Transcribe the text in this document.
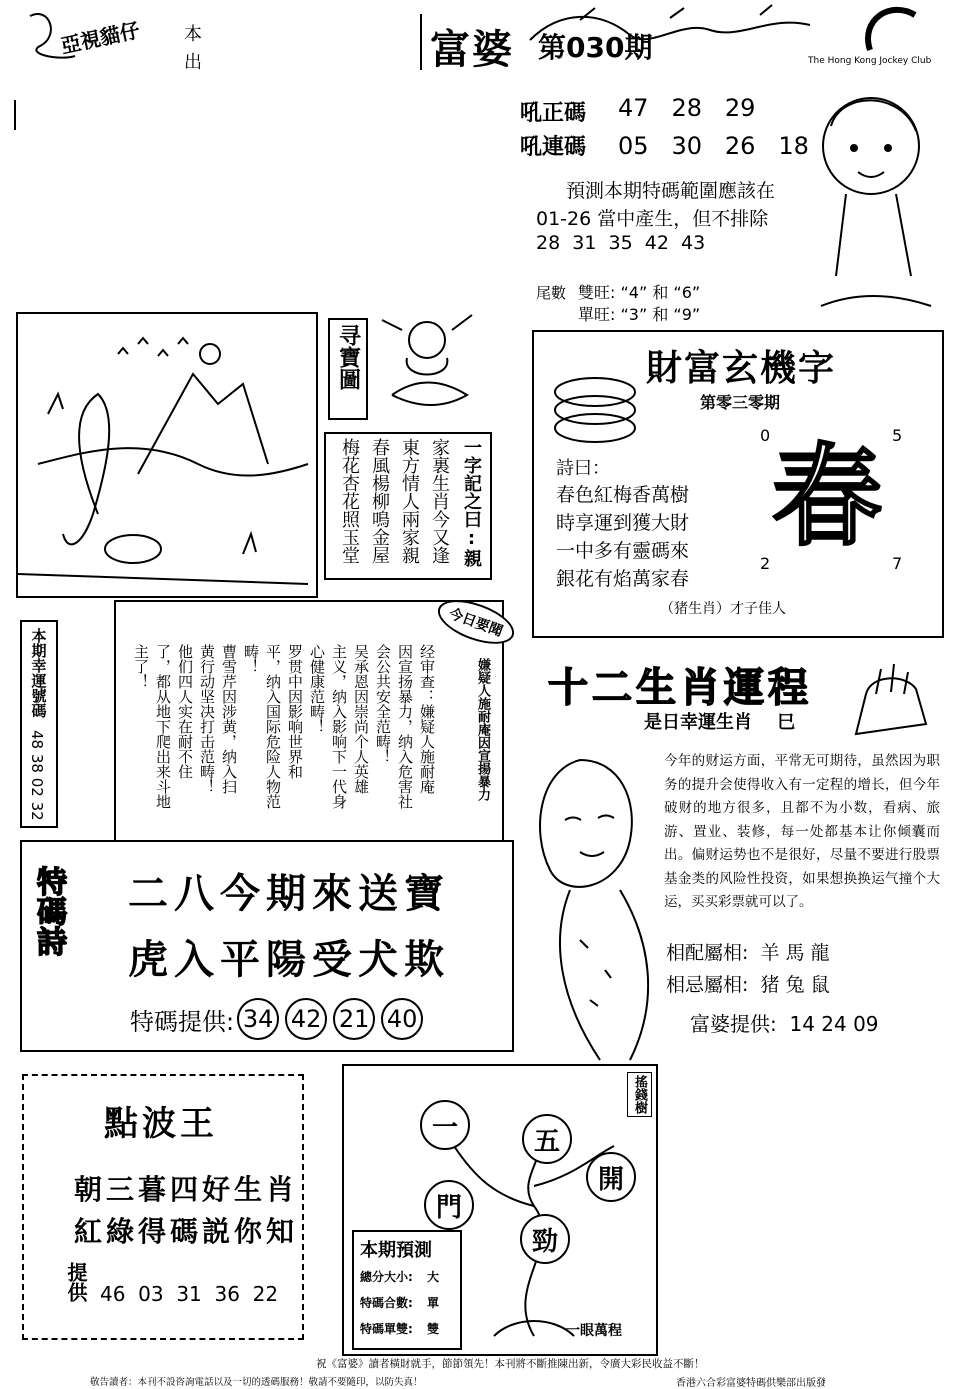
亞視貓仔 本
出	富婆 第030期	The Hong Kong Jockey Club
吼正碼 47 28 29
吼連碼 05 30 26 18
預測本期特碼範圍應該在
01-26 當中產生，但不排除
28  31  35  42  43
尾數 雙旺: “4” 和 “6”
單旺: “3” 和 “9”
寻寶圖
一字記之曰:親
家裏生肖今又逢
東方情人兩家親
春風楊柳鳴金屋
梅花杏花照玉堂
財富玄機字
第零三零期
詩曰：
春色紅梅香萬樹
時享運到獲大財
一中多有靈碼來
銀花有焰萬家春
0	5
春
2	7
（猪生肖）才子佳人
本期幸運號碼
48 38 02 32	经审查：嫌疑人施耐庵
因宣扬暴力，纳入危害社
会公共安全范畴！
吴承恩因崇尚个人英雄
主义，纳入影响下一代身
心健康范畴！
罗贯中因影响世界和
平，纳入国际危险人物范
畴！
曹雪芹因涉黄，纳入扫
黄行动坚决打击范畴！
他们四人实在耐不住
了，都从地下爬出来斗地
主了！	嫌疑人施耐庵因宣揚暴力
今日要聞
十二生肖運程
是日幸運生肖 巳
今年的财运方面，平常无可期待，虽然因为职务的提升会使得收入有一定程的增长，但今年破财的地方很多，且都不为小数，看病、旅游、置业、装修，每一处都基本让你倾囊而出。偏财运势也不是很好，尽量不要进行股票基金类的风险性投资，如果想换换运气撞个大运，买买彩票就可以了。
相配屬相: 羊 馬 龍
相忌屬相: 猪 兔 鼠
富婆提供: 14 24 09
特碼詩 二八今期來送寶
虎入平陽受犬欺
特碼提供: 34 42 21 40
點波王
朝三暮四好生肖
紅綠得碼説你知
提供 46  03  31  36  22
搖錢樹
一	五
開
門
勁
一眼萬程
本期預測
總分大小: 大
特碼合數: 單
特碼單雙: 雙
祝《富婆》讀者橫財就手，節節領先！本刊將不斷推陳出新，令廣大彩民收益不斷！
敬告讀者：本刊不設咨詢電話以及一切的透碼服務！敬請不要隨印，以防失真！	香港六合彩富婆特碼供樂部出版發
